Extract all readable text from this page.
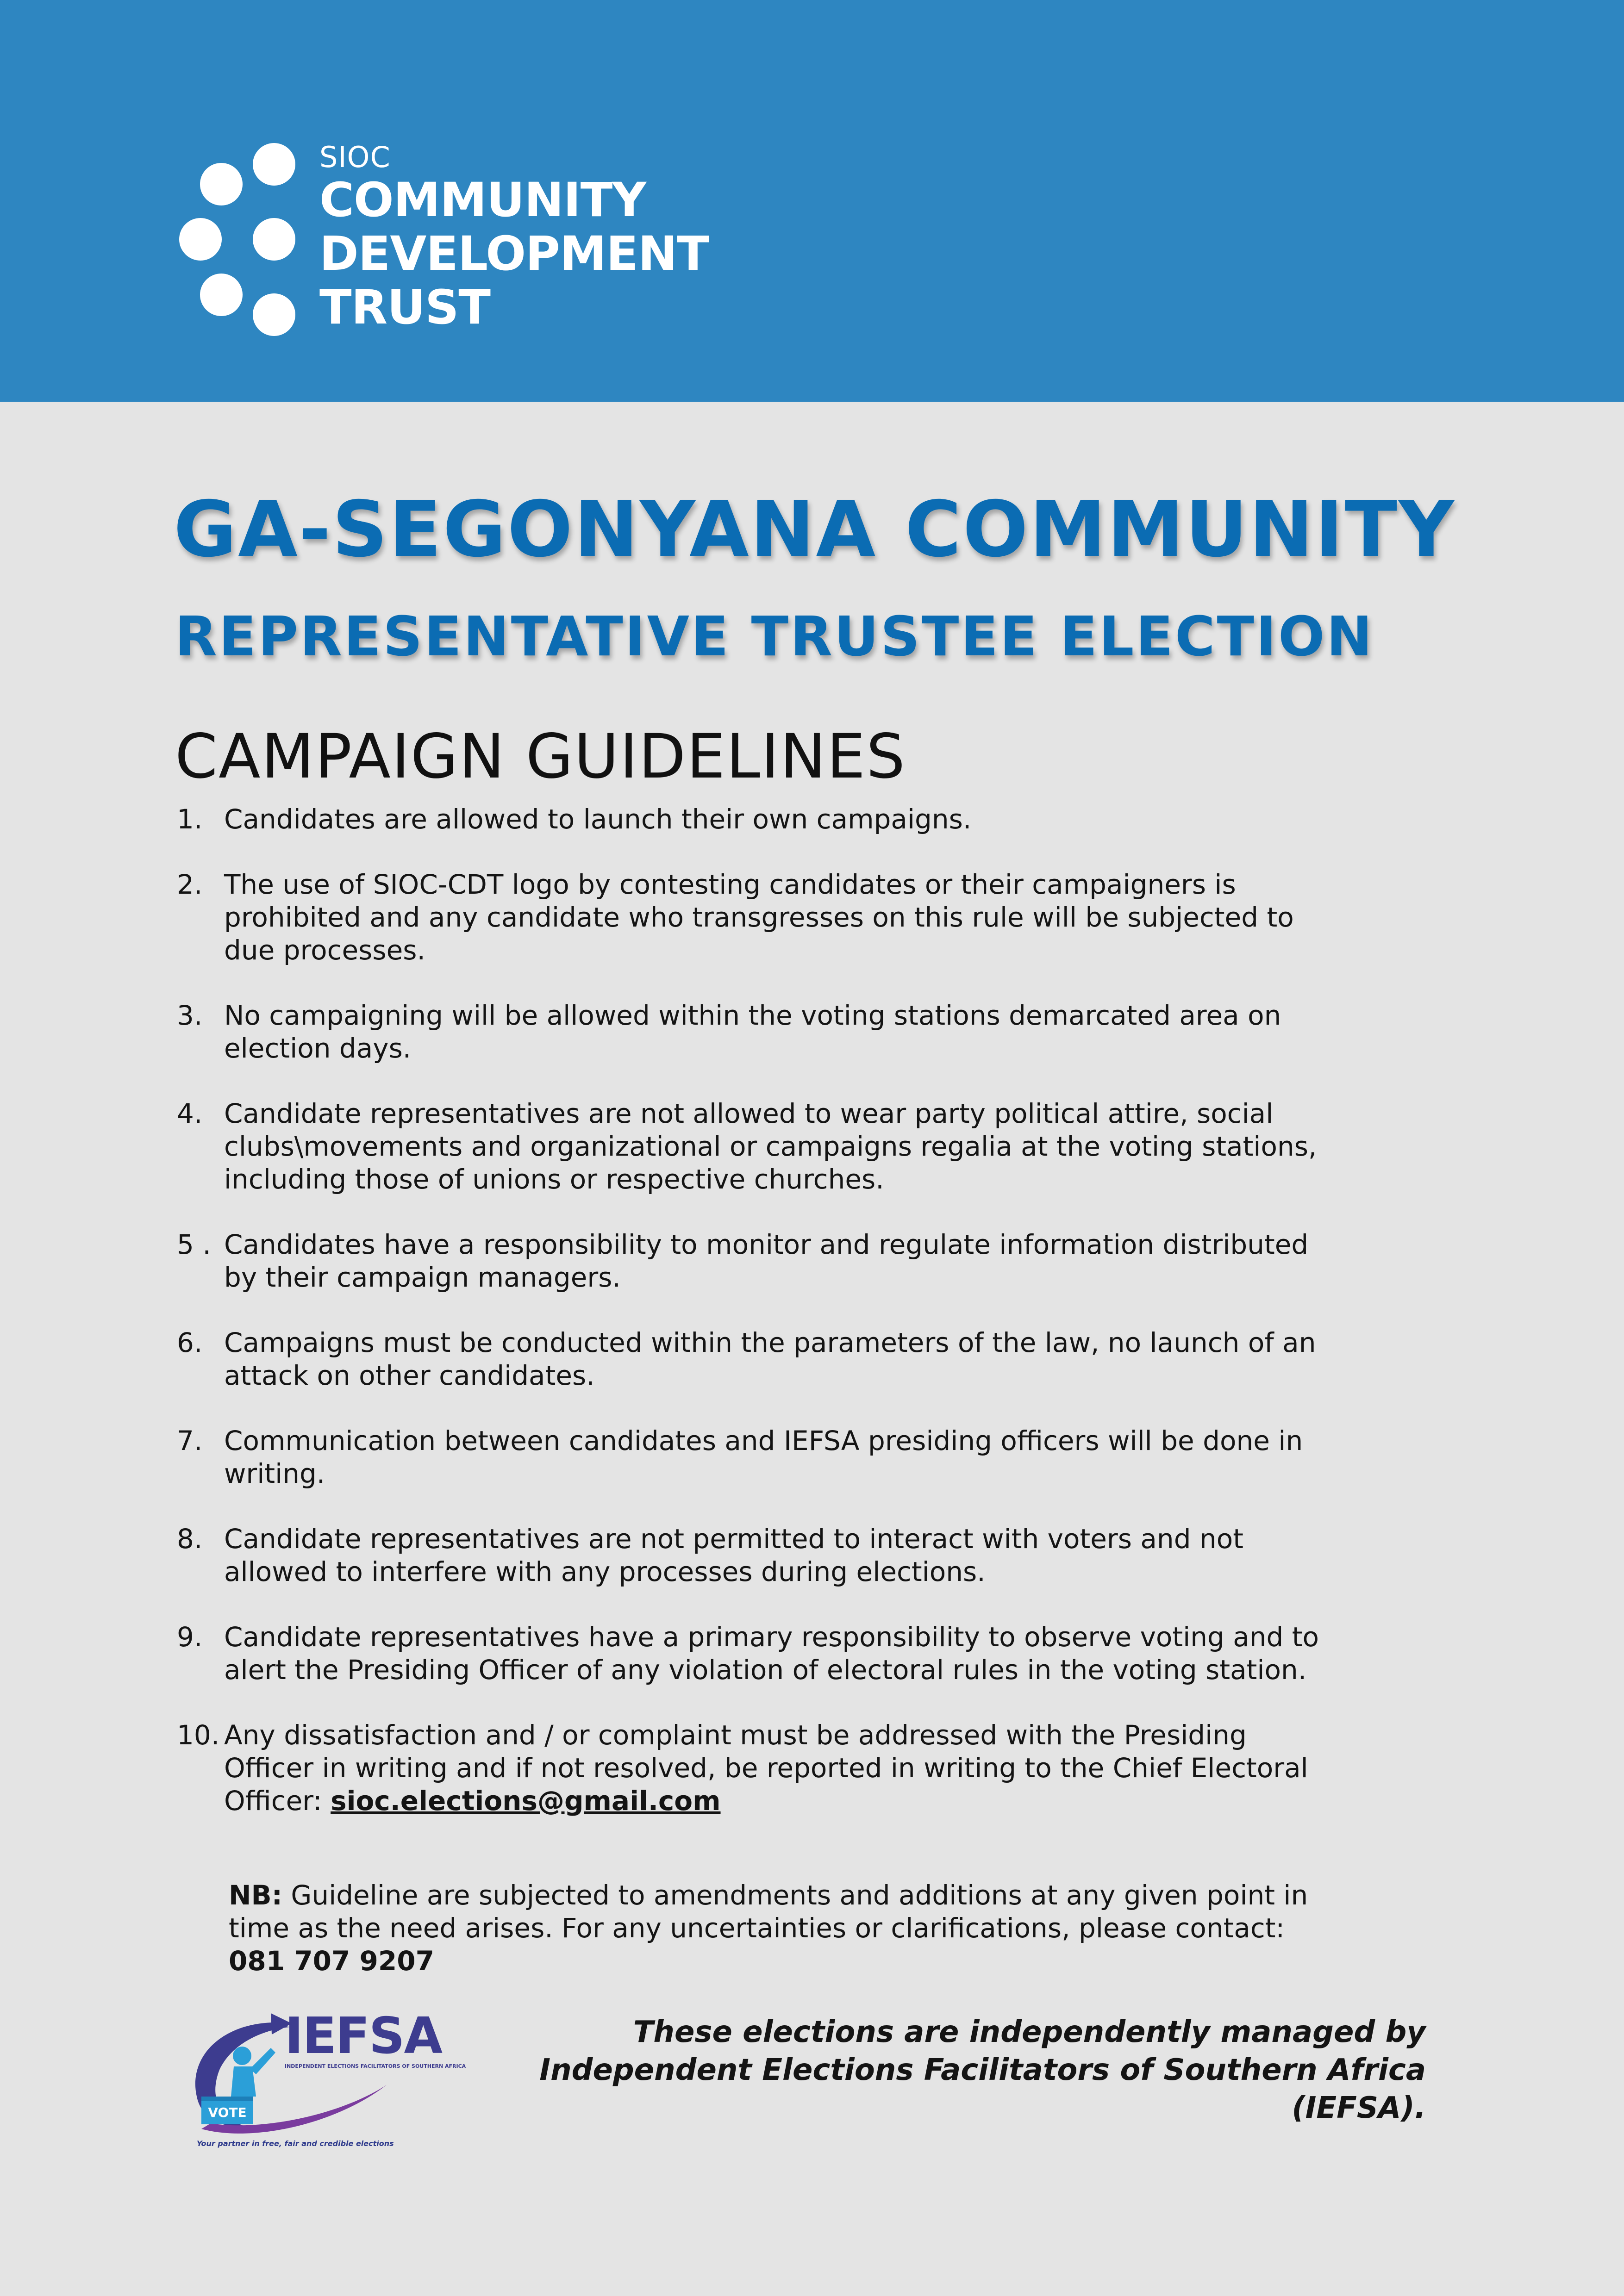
SIOC

COMMUNITY

DEVELOPMENT

TRUST

GA-SEGONYANA COMMUNITY
REPRESENTATIVE TRUSTEE ELECTION
CAMPAIGN GUIDELINES
1. Candidates are allowed to launch their own campaigns.
2. The use of SIOC-CDT logo by contesting candidates or their campaigners is prohibited and any candidate who transgresses on this rule will be subjected to due processes.
3. No campaigning will be allowed within the voting stations demarcated area on election days.
4. Candidate representatives are not allowed to wear party political attire, social clubs\movements and organizational or campaigns regalia at the voting stations, including those of unions or respective churches.
5 . Candidates have a responsibility to monitor and regulate information distributed by their campaign managers.
6. Campaigns must be conducted within the parameters of the law, no launch of an attack on other candidates.
7. Communication between candidates and IEFSA presiding officers will be done in writing.
8. Candidate representatives are not permitted to interact with voters and not allowed to interfere with any processes during elections.
9. Candidate representatives have a primary responsibility to observe voting and to alert the Presiding Officer of any violation of electoral rules in the voting station.
10. Any dissatisfaction and / or complaint must be addressed with the Presiding Officer in writing and if not resolved, be reported in writing to the Chief Electoral Officer: sioc.elections@gmail.com

NB: Guideline are subjected to amendments and additions at any given point in time as the need arises. For any uncertainties or clarifications, please contact: 081 707 9207

IEFSA

INDEPENDENT ELECTIONS FACILITATORS OF SOUTHERN AFRICA

VOTE

Your partner in free, fair and credible elections

These elections are independently managed by Independent Elections Facilitators of Southern Africa (IEFSA).
